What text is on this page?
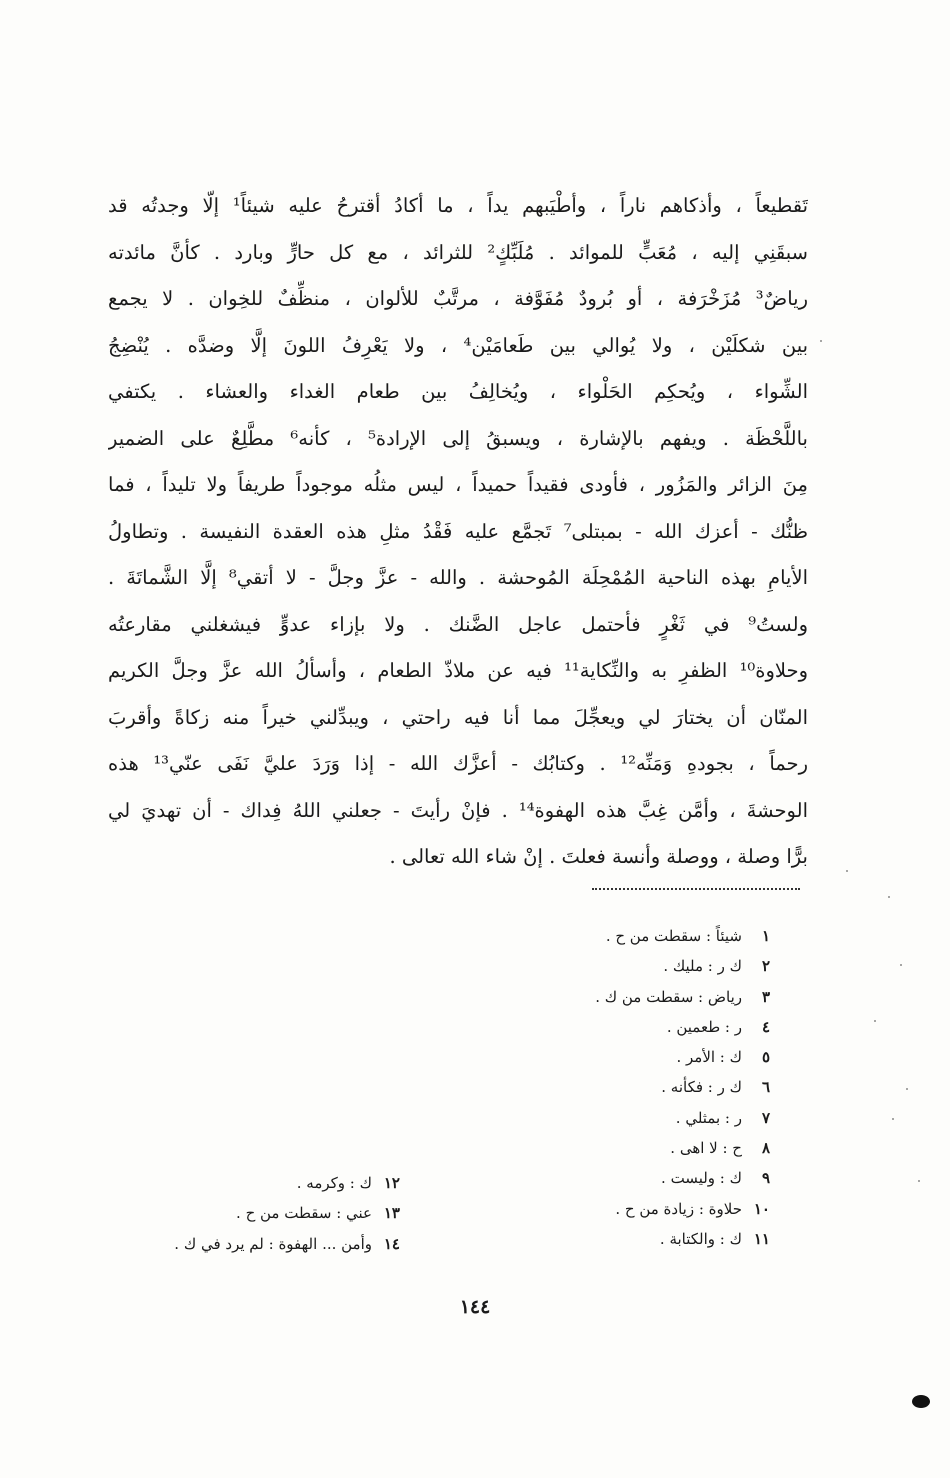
تَقطيعاً ، وأذكاهم ناراً ، وأطْيَبهم يداً ، ما أكادُ أقترحُ عليه شيئاً¹ إلّا وجدتُه قد
سبقَنِي إليه ، مُعَبٍّ للموائد . مُلَبِّكٍ² للثرائد ، مع كل حارٍّ وبارد . كأنَّ مائدته
رياضٌ³ مُزَخْرَفة ، أو بُرودٌ مُفَوَّفة ، مرتَّبٌ للألوان ، منظِّفٌ للخِوان . لا يجمع
بين شكلَيْن ، ولا يُوالي بين طَعامَيْن⁴ ، ولا يَعْرِفُ اللونَ إلَّا وضدَّه . يُنْضِجُ
الشِّواء ، ويُحكِم الحَلْواء ، ويُخالِفُ بين طعام الغداء والعشاء . يكتفي
باللَّحْظَة . ويفهم بالإشارة ، ويسبقُ إلى الإرادة⁵ ، كأنه⁶ مطَّلِعٌ على الضمير
مِنَ الزائر والمَزُور ، فأودى فقيداً حميداً ، ليس مثلُه موجوداً طريفاً ولا تليداً ، فما
ظنُّك - أعزك الله - بمبتلى⁷ تَجمَّع عليه فَقْدُ مثلِ هذه العقدة النفيسة . وتطاولُ
الأيامِ بهذه الناحية المُمْحِلَة المُوحشة . والله - عزَّ وجلَّ - لا أتقي⁸ إلَّا الشَّماتَةَ .
ولستُ⁹ في ثَغْرٍ فأحتمل عاجل الضَّنك . ولا بإزاء عدوٍّ فيشغلني مقارعتُه
وحلاوة¹⁰ الظفرِ به والنِّكاية¹¹ فيه عن ملاذّ الطعام ، وأسألُ الله عزَّ وجلَّ الكريم
المنّان أن يختارَ لي ويعجِّلَ مما أنا فيه راحتي ، ويبدِّلني خيراً منه زكاةً وأقربَ
رحماً ، بجودهِ وَمَنِّه¹² . وكتابُك - أعزَّك الله - إذا وَرَدَ عليَّ نَفَى عنّي¹³ هذه
الوحشةَ ، وأمَّن غِبَّ هذه الهفوة¹⁴ . فإنْ رأيتَ - جعلني اللهُ فِداك - أن تهديَ لي
برًّا وصلة ، ووصلة وأنسة فعلتَ . إنْ شاء الله تعالى .
١شيئاً : سقطت من ح .
٢ك ر : مليك .
٣رياض : سقطت من ك .
٤ر : طعمين .
٥ك : الأمر .
٦ك ر : فكأنه .
٧ر : بمثلي .
٨ح : لا اهى .
٩ك : وليست .
١٠حلاوة : زيادة من ح .
١١ك : والكتابة .
١٢ك : وكرمه .
١٣عني : سقطت من ح .
١٤وأمن ... الهفوة : لم يرد في ك .
١٤٤
